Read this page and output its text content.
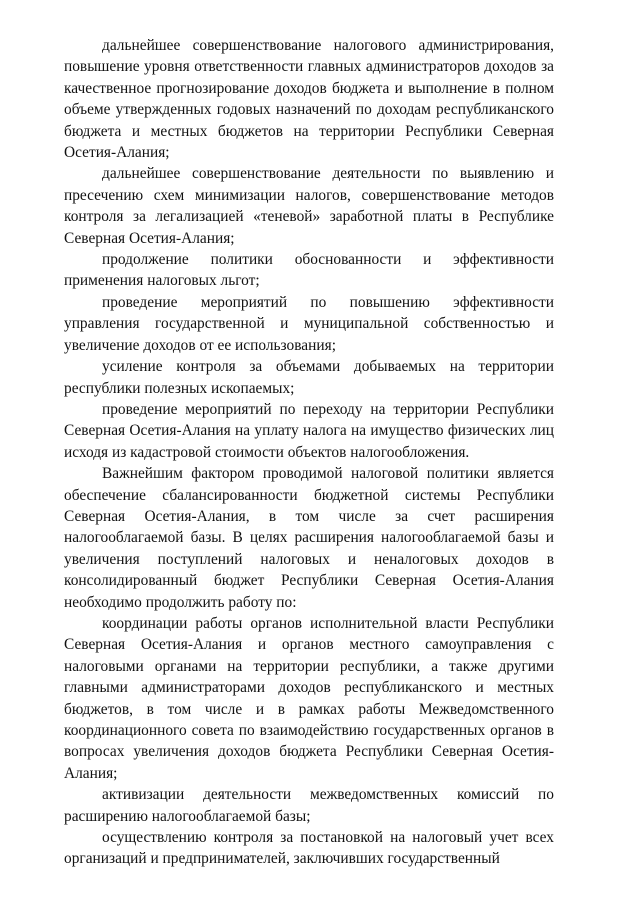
дальнейшее совершенствование налогового администрирования, повышение уровня ответственности главных администраторов доходов за качественное прогнозирование доходов бюджета и выполнение в полном объеме утвержденных годовых назначений по доходам республиканского бюджета и местных бюджетов на территории Республики Северная Осетия-Алания;

дальнейшее совершенствование деятельности по выявлению и пресечению схем минимизации налогов, совершенствование методов контроля за легализацией «теневой» заработной платы в Республике Северная Осетия-Алания;

продолжение политики обоснованности и эффективности применения налоговых льгот;

проведение мероприятий по повышению эффективности управления государственной и муниципальной собственностью и увеличение доходов от ее использования;

усиление контроля за объемами добываемых на территории республики полезных ископаемых;

проведение мероприятий по переходу на территории Республики Северная Осетия-Алания на уплату налога на имущество физических лиц исходя из кадастровой стоимости объектов налогообложения.

Важнейшим фактором проводимой налоговой политики является обеспечение сбалансированности бюджетной системы Республики Северная Осетия-Алания, в том числе за счет расширения налогооблагаемой базы. В целях расширения налогооблагаемой базы и увеличения поступлений налоговых и неналоговых доходов в консолидированный бюджет Республики Северная Осетия-Алания необходимо продолжить работу по:

координации работы органов исполнительной власти Республики Северная Осетия-Алания и органов местного самоуправления с налоговыми органами на территории республики, а также другими главными администраторами доходов республиканского и местных бюджетов, в том числе и в рамках работы Межведомственного координационного совета по взаимодействию государственных органов в вопросах увеличения доходов бюджета Республики Северная Осетия-Алания;

активизации деятельности межведомственных комиссий по расширению налогооблагаемой базы;

осуществлению контроля за постановкой на налоговый учет всех организаций и предпринимателей, заключивших государственный
